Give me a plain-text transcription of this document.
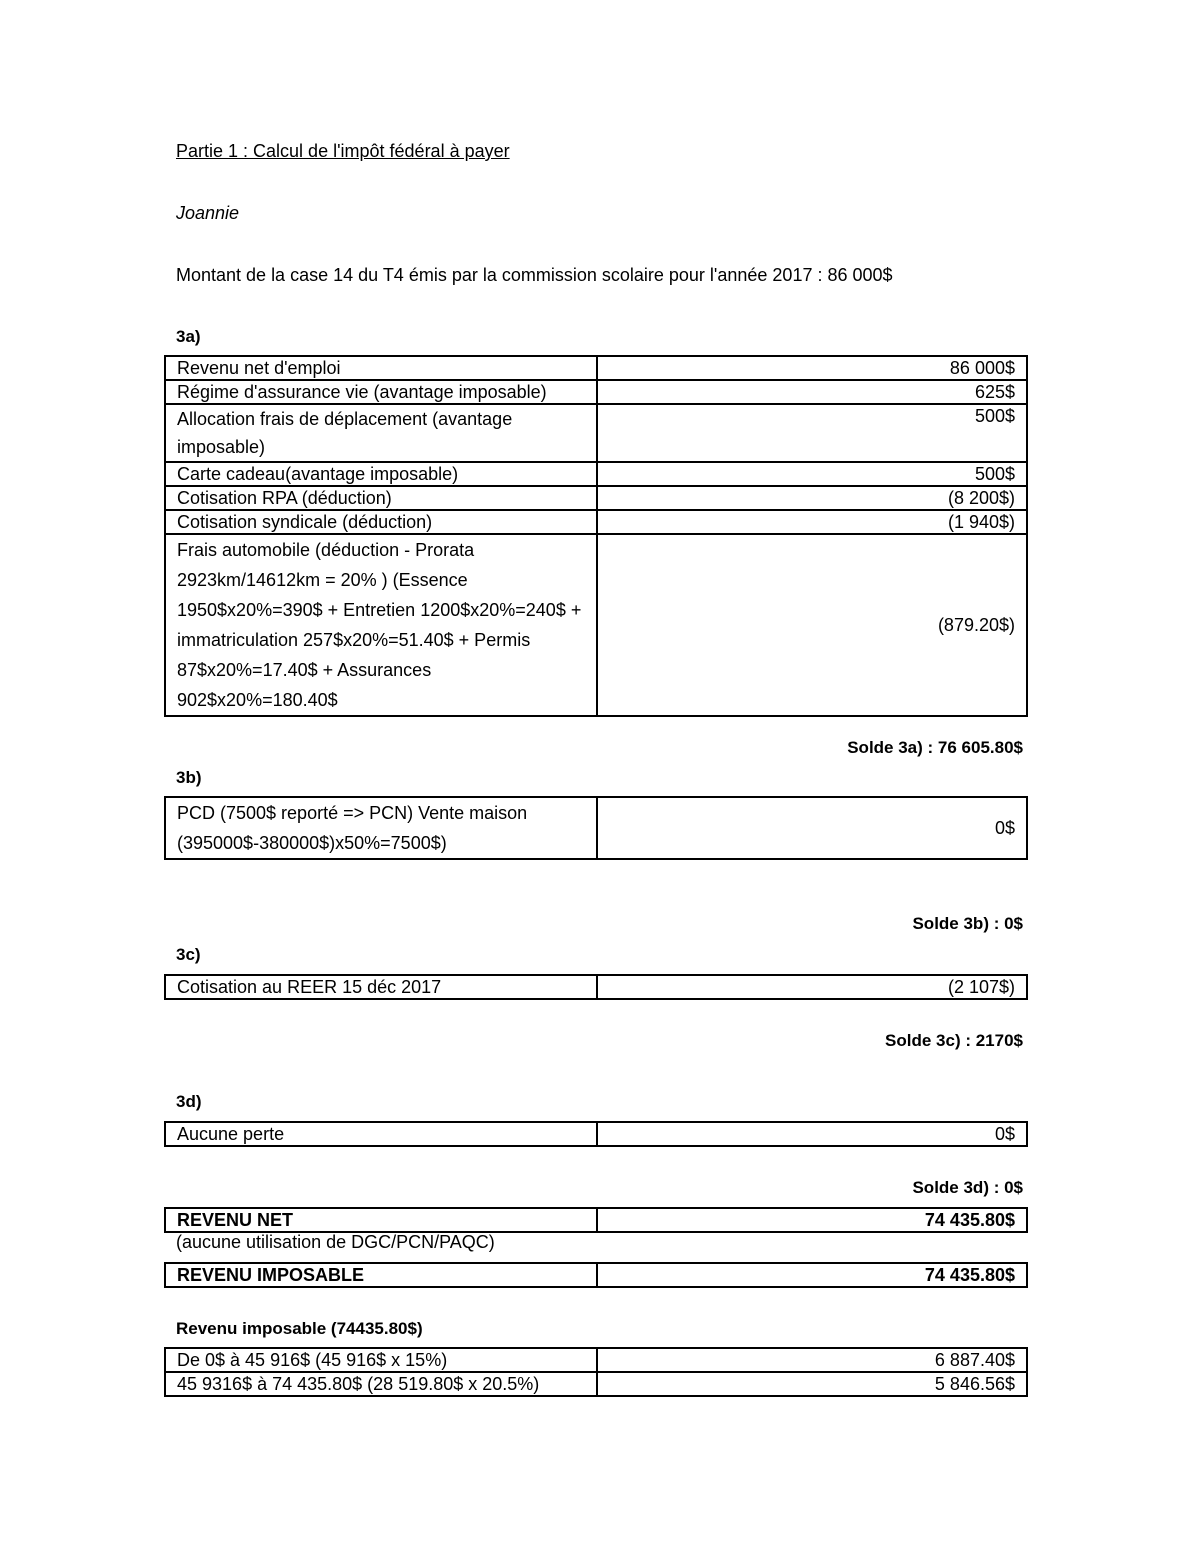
Partie 1 : Calcul de l'impôt fédéral à payer
Joannie
Montant de la case 14 du T4 émis par la commission scolaire pour l'année 2017 : 86 000$
3a)
Revenu net d'emploi	86 000$
Régime d'assurance vie (avantage imposable)	625$
Allocation frais de déplacement (avantage imposable)	500$
Carte cadeau(avantage imposable)	500$
Cotisation RPA (déduction)	(8 200$)
Cotisation syndicale (déduction)	(1 940$)
Frais automobile (déduction - Prorata 2923km/14612km = 20% ) (Essence 1950$x20%=390$ + Entretien 1200$x20%=240$ + immatriculation 257$x20%=51.40$ + Permis 87$x20%=17.40$ + Assurances 902$x20%=180.40$	(879.20$)
Solde 3a) : 76 605.80$
3b)
PCD (7500$ reporté => PCN) Vente maison (395000$-380000$)x50%=7500$)	0$
Solde 3b) : 0$
3c)
Cotisation au REER 15 déc 2017	(2 107$)
Solde 3c) : 2170$
3d)
Aucune perte	0$
Solde 3d) : 0$
REVENU NET	74 435.80$
(aucune utilisation de DGC/PCN/PAQC)
REVENU IMPOSABLE	74 435.80$
Revenu imposable (74435.80$)
De 0$ à 45 916$ (45 916$ x 15%)	6 887.40$
45 9316$ à 74 435.80$ (28 519.80$ x 20.5%)	5 846.56$
